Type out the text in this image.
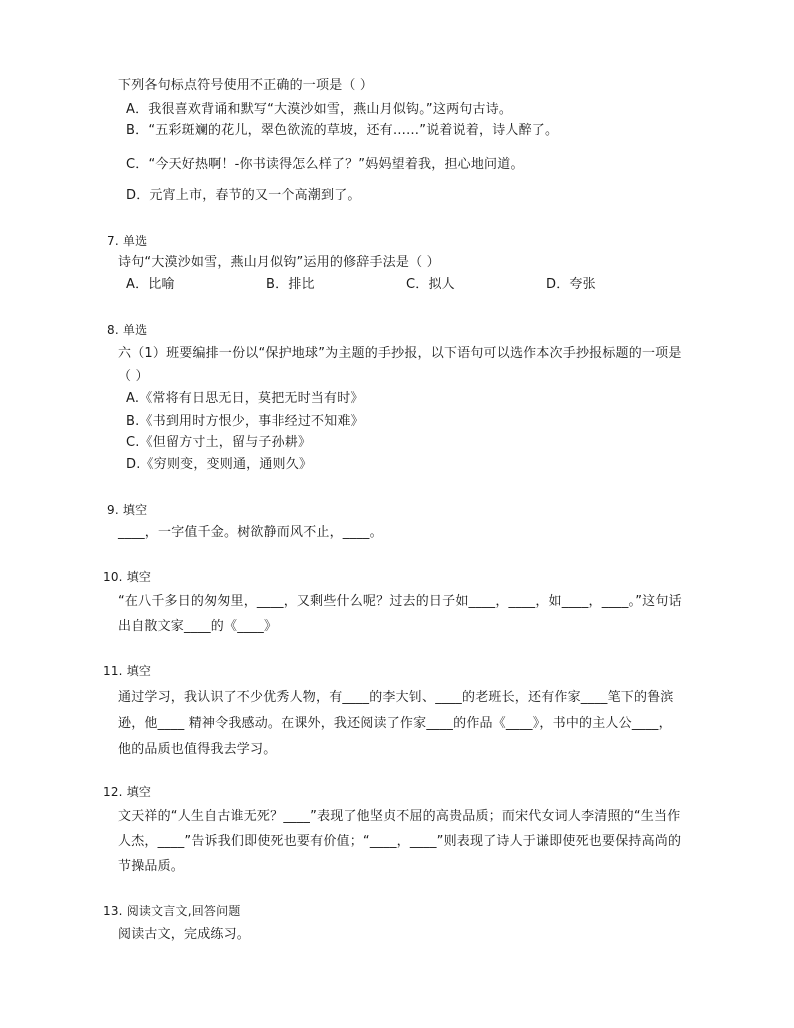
下列各句标点符号使用不正确的一项是（ ）
A．我很喜欢背诵和默写“大漠沙如雪，燕山月似钩。”这两句古诗。
B．“五彩斑斓的花儿，翠色欲流的草坡，还有……”说着说着，诗人醉了。
C．“今天好热啊！-你书读得怎么样了？”妈妈望着我，担心地问道。
D．元宵上市，春节的又一个高潮到了。
7. 单选
诗句“大漠沙如雪，燕山月似钩”运用的修辞手法是（ ）
A．比喻	B．排比	C．拟人	D．夸张
8. 单选
六（1）班要编排一份以“保护地球”为主题的手抄报，以下语句可以选作本次手抄报标题的一项是
（ ）
A.《常将有日思无日，莫把无时当有时》
B.《书到用时方恨少，事非经过不知难》
C.《但留方寸土，留与子孙耕》
D.《穷则变，变则通，通则久》
9. 填空
____，一字值千金。树欲静而风不止，____。
10. 填空
“在八千多日的匆匆里，____，又剩些什么呢？过去的日子如____，____，如____，____。”这句话
出自散文家____的《____》
11. 填空
通过学习，我认识了不少优秀人物，有____的李大钊、____的老班长，还有作家____笔下的鲁滨
逊，他____ 精神令我感动。在课外，我还阅读了作家____的作品《____》，书中的主人公____，
他的品质也值得我去学习。
12. 填空
文天祥的“人生自古谁无死？____”表现了他坚贞不屈的高贵品质；而宋代女词人李清照的“生当作
人杰，____”告诉我们即使死也要有价值；“____，____”则表现了诗人于谦即使死也要保持高尚的
节操品质。
13. 阅读文言文,回答问题
阅读古文，完成练习。
